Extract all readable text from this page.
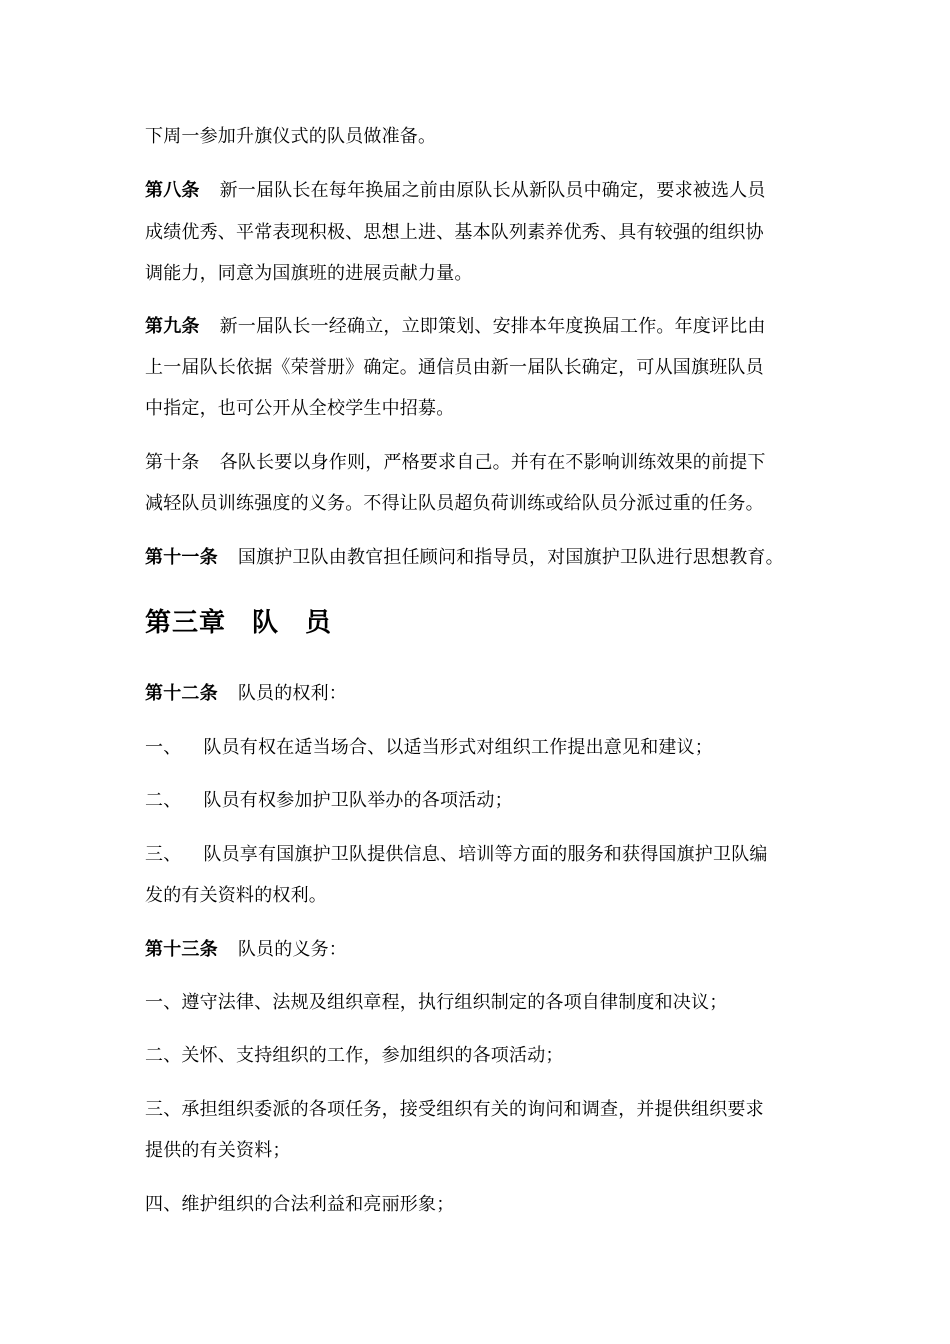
下周一参加升旗仪式的队员做准备。
第八条 新一届队长在每年换届之前由原队长从新队员中确定，要求被选人员
成绩优秀、平常表现积极、思想上进、基本队列素养优秀、具有较强的组织协
调能力，同意为国旗班的进展贡献力量。
第九条 新一届队长一经确立，立即策划、安排本年度换届工作。年度评比由
上一届队长依据《荣誉册》确定。通信员由新一届队长确定，可从国旗班队员
中指定，也可公开从全校学生中招募。
第十条 各队长要以身作则，严格要求自己。并有在不影响训练效果的前提下
减轻队员训练强度的义务。不得让队员超负荷训练或给队员分派过重的任务。
第十一条 国旗护卫队由教官担任顾问和指导员，对国旗护卫队进行思想教育。
第三章 队 员
第十二条 队员的权利：
一、 队员有权在适当场合、以适当形式对组织工作提出意见和建议；
二、 队员有权参加护卫队举办的各项活动；
三、 队员享有国旗护卫队提供信息、培训等方面的服务和获得国旗护卫队编
发的有关资料的权利。
第十三条 队员的义务：
一、遵守法律、法规及组织章程，执行组织制定的各项自律制度和决议；
二、关怀、支持组织的工作，参加组织的各项活动；
三、承担组织委派的各项任务，接受组织有关的询问和调查，并提供组织要求
提供的有关资料；
四、维护组织的合法利益和亮丽形象；
